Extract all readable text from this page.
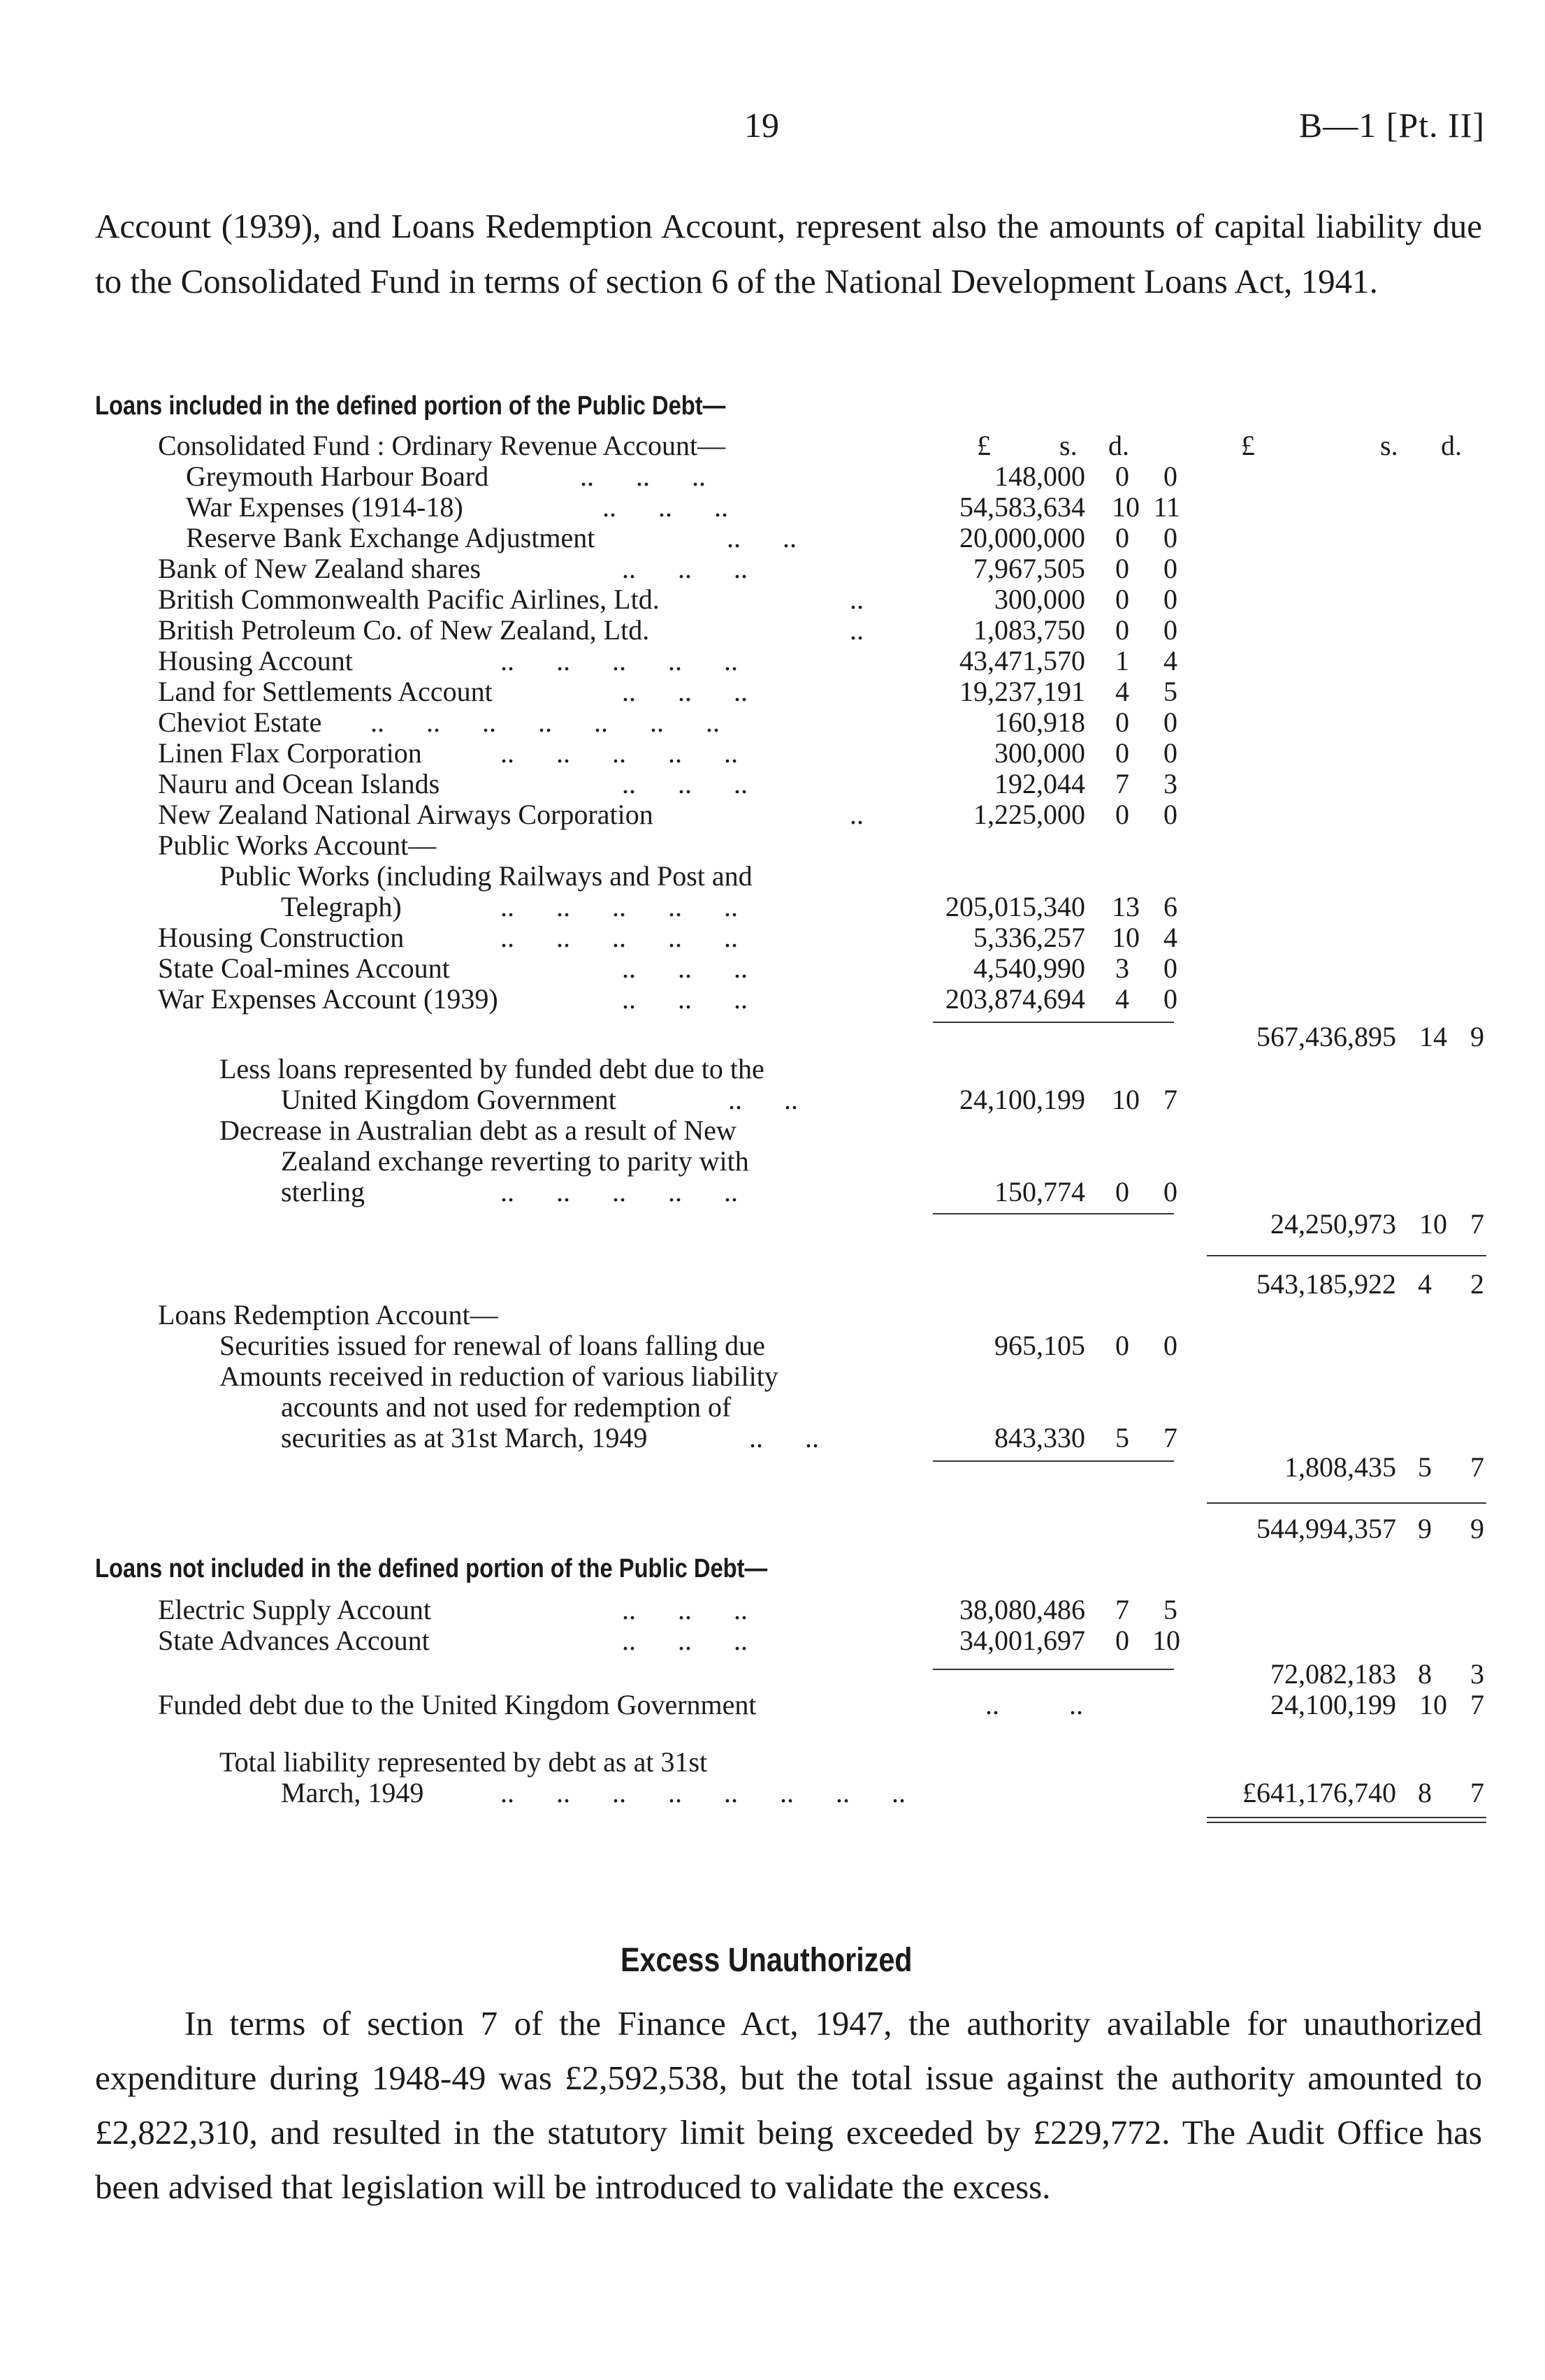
19	B—1 [Pt. II]

Account (1939), and Loans Redemption Account, represent also the amounts of capital liability due to the Consolidated Fund in terms of section 6 of the National Development Loans Act, 1941.

Loans included in the defined portion of the Public Debt—
Consolidated Fund : Ordinary Revenue Account—	£ s. d.	£	s. d.
Greymouth Harbour Board	..      ..      ..	148,000 0 0
War Expenses (1914-18)	..      ..      ..	54,583,634 10 11
Reserve Bank Exchange Adjustment	..      ..	20,000,000 0 0
Bank of New Zealand shares	..      ..      ..	7,967,505 0 0
British Commonwealth Pacific Airlines, Ltd.	..	300,000 0 0
British Petroleum Co. of New Zealand, Ltd.	..	1,083,750 0 0
Housing Account	..      ..      ..      ..      ..	43,471,570 1 4
Land for Settlements Account	..      ..      ..	19,237,191 4 5
Cheviot Estate ..      ..      ..      ..      ..      ..      ..	160,918 0 0
Linen Flax Corporation	..      ..      ..      ..      ..	300,000 0 0
Nauru and Ocean Islands	..      ..      ..	192,044 7 3
New Zealand National Airways Corporation	..	1,225,000 0 0
Public Works Account—
Public Works (including Railways and Post and
Telegraph)	..      ..      ..      ..      ..	205,015,340 13 6
Housing Construction	..      ..      ..      ..      ..	5,336,257 10 4
State Coal-mines Account	..      ..      ..	4,540,990 3 0
War Expenses Account (1939)	..      ..      ..	203,874,694 4 0
567,436,895 14 9
Less loans represented by funded debt due to the
United Kingdom Government	..      ..	24,100,199 10 7
Decrease in Australian debt as a result of New
Zealand exchange reverting to parity with
sterling	..      ..      ..      ..      ..	150,774 0 0
24,250,973 10 7
543,185,922 4 2
Loans Redemption Account—
Securities issued for renewal of loans falling due	965,105 0 0
Amounts received in reduction of various liability
accounts and not used for redemption of
securities as at 31st March, 1949	..      ..	843,330 5 7
1,808,435 5 7
544,994,357 9 9
Loans not included in the defined portion of the Public Debt—
Electric Supply Account	..      ..      ..	38,080,486 7 5
State Advances Account	..      ..      ..	34,001,697 0 10
72,082,183 8 3
Funded debt due to the United Kingdom Government	..          ..	24,100,199 10 7
Total liability represented by debt as at 31st
March, 1949	..      ..      ..      ..      ..      ..      ..      ..	£641,176,740 8 7
Excess Unauthorized

In terms of section 7 of the Finance Act, 1947, the authority available for unauthorized expenditure during 1948-49 was £2,592,538, but the total issue against the authority amounted to £2,822,310, and resulted in the statutory limit being exceeded by £229,772. The Audit Office has been advised that legislation will be introduced to validate the excess.
